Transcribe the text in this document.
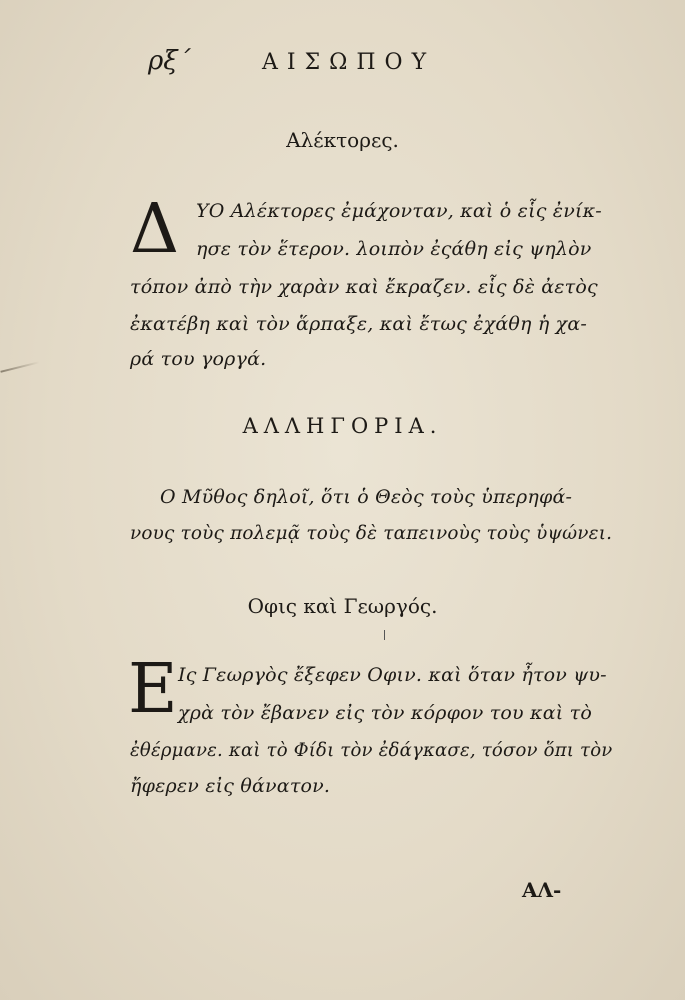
ρξ´	ΑΙΣΩΠΟΥ
Αλέκτορες.
Δ ΥΟ Αλέκτορες ἐμάχονταν, καὶ ὁ εἷς ἐνίκ-
ησε τὸν ἕτερον. λοιπὸν ἐςάθη εἰς ψηλὸν
τόπον ἀπὸ τὴν χαρὰν καὶ ἔκραζεν. εἷς δὲ ἀετὸς
ἐκατέβη καὶ τὸν ἅρπαξε, καὶ ἔτως ἐχάθη ἡ χα-
ρά του γοργά.
ΑΛΛΗΓΟΡΙΑ.
Ο Μῦθος δηλοῖ, ὅτι ὁ Θεὸς τοὺς ὑπερηφά-
νους τοὺς πολεμᾷ τοὺς δὲ ταπεινοὺς τοὺς ὑψώνει.
Οφις καὶ Γεωργός.
Ε Ις Γεωργὸς ἔξεφεν Οφιν. καὶ ὅταν ἦτον ψυ-
χρὰ τὸν ἔβανεν εἰς τὸν κόρφον του καὶ τὸ
ἐθέρμανε. καὶ τὸ Φίδι τὸν ἐδάγκασε, τόσον ὅπι τὸν
ἤφερεν εἰς θάνατον.
ΑΛ-
